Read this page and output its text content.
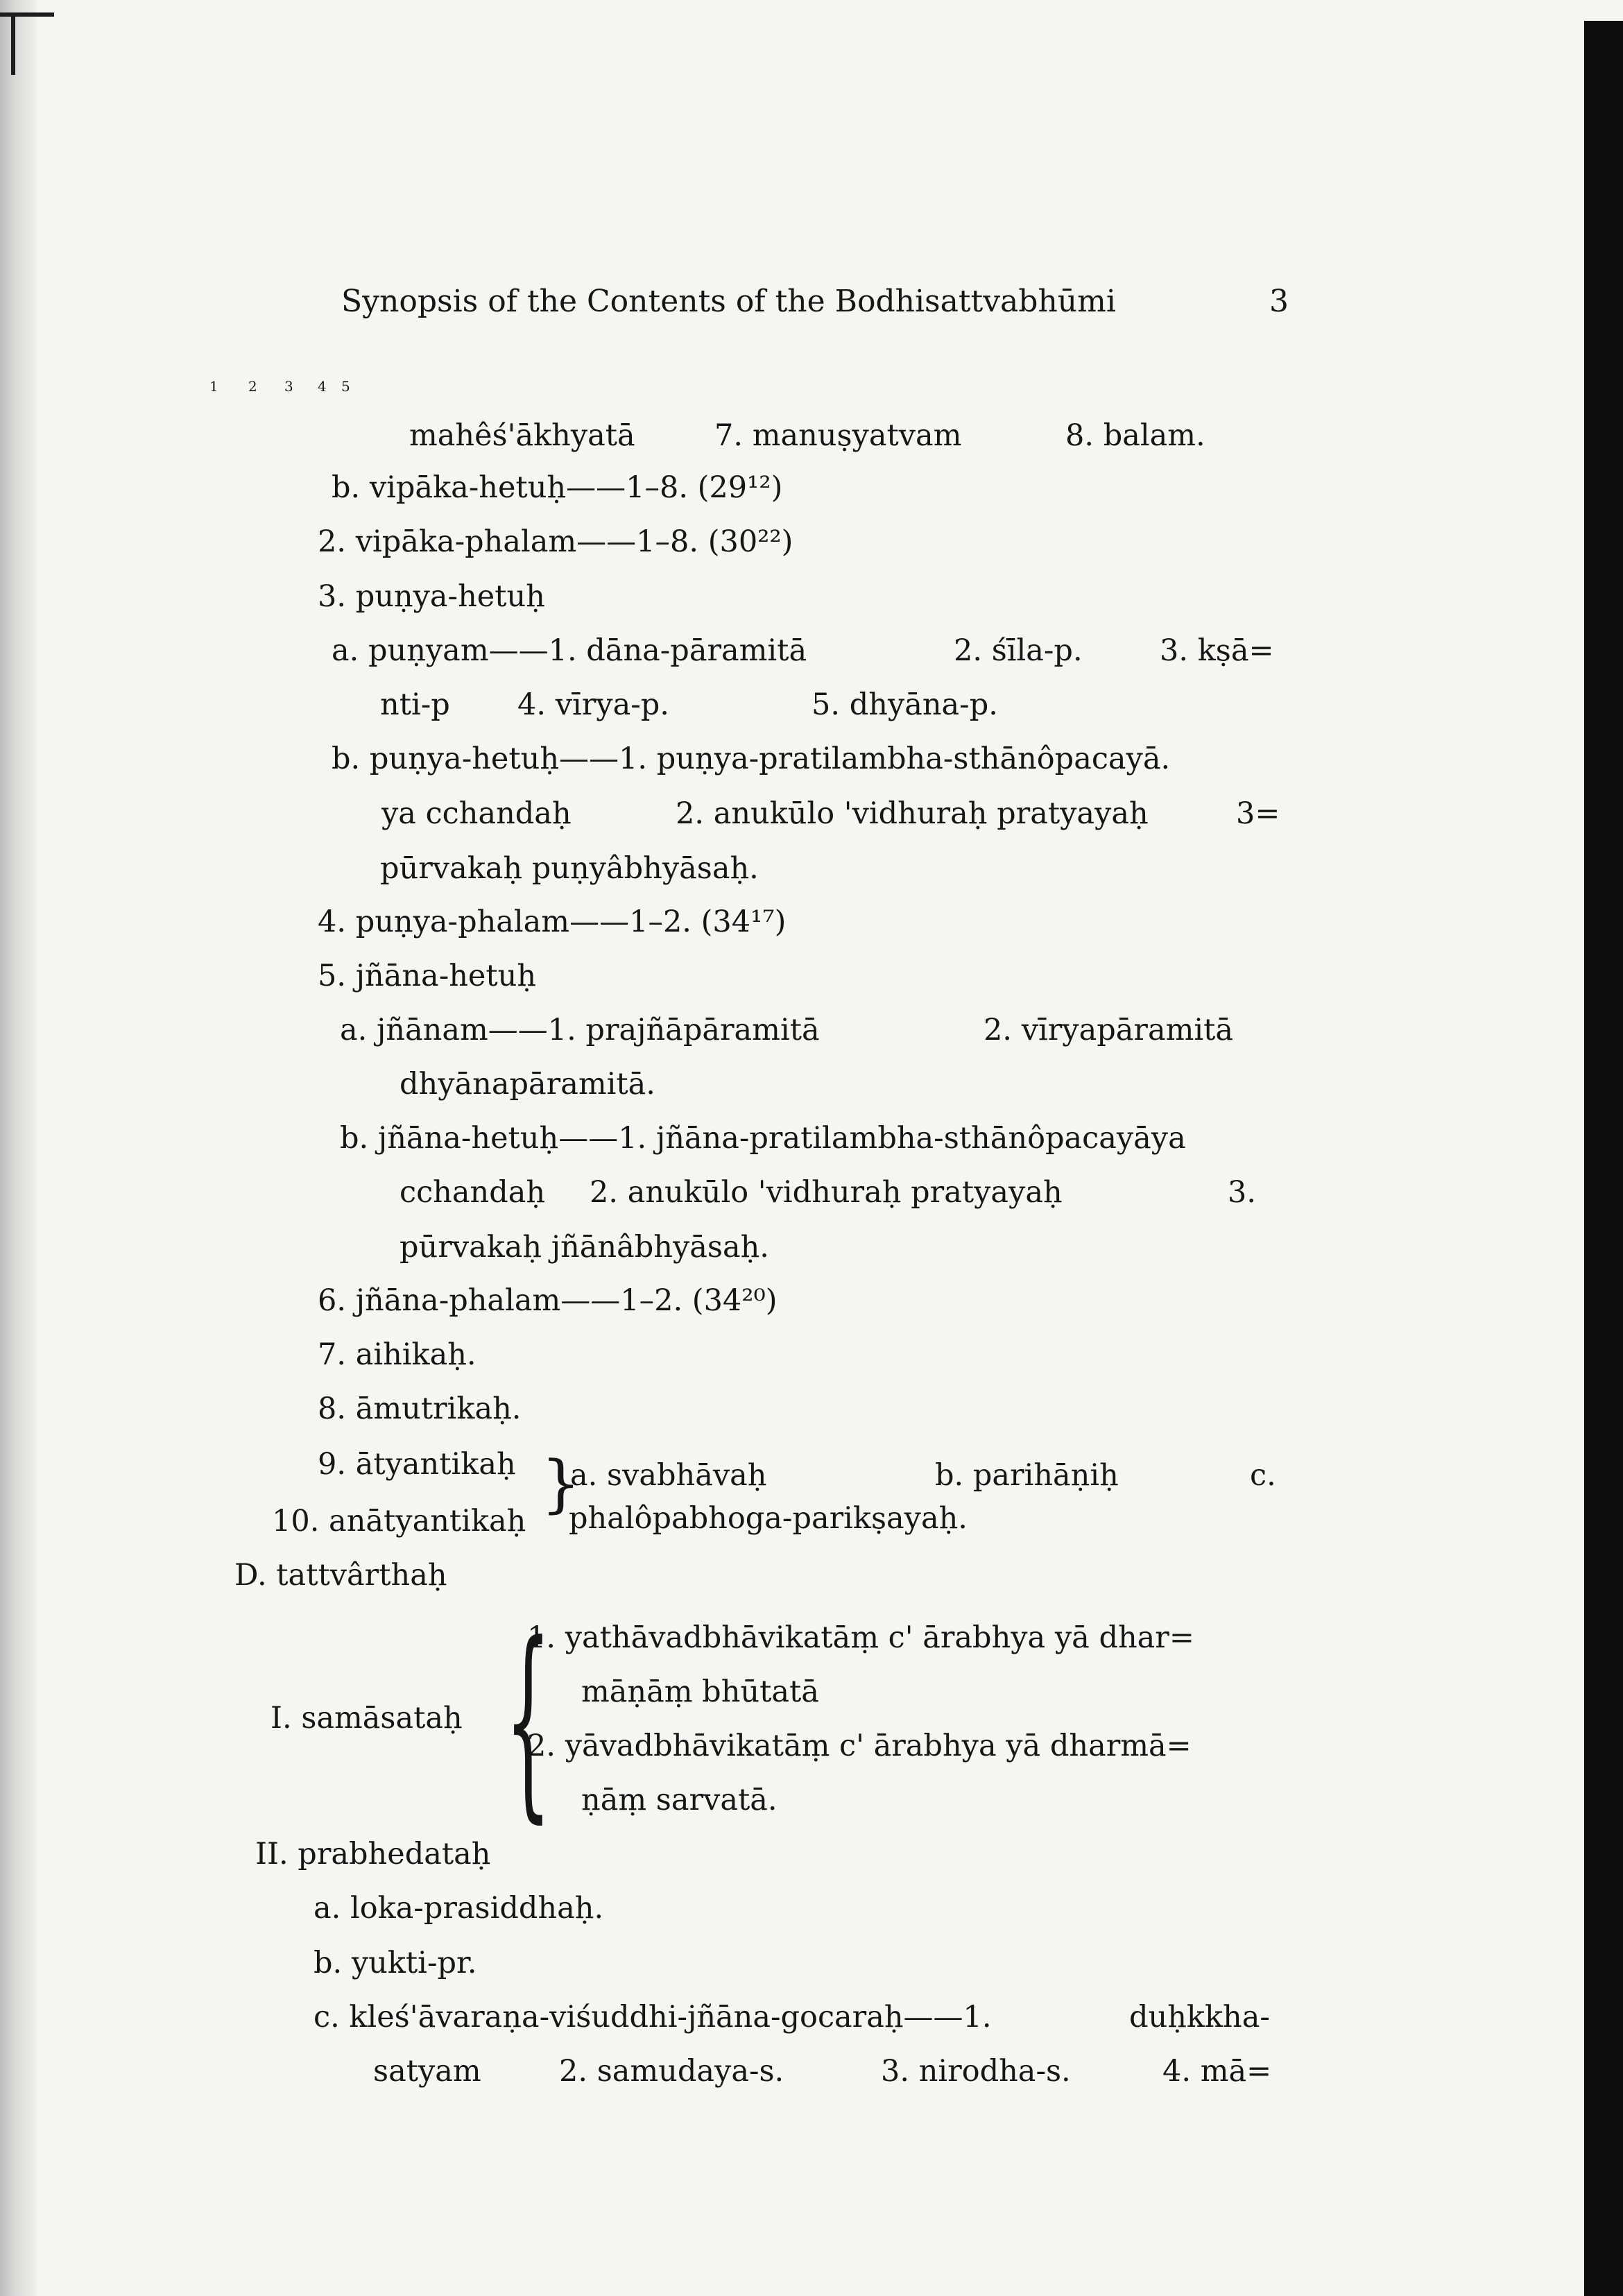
Synopsis of the Contents of the Bodhisattvabhūmi	3
1 2 3 4 5
mahêś'ākhyatā	7. manuṣyatvam	8. balam.
b. vipāka-hetuḥ——1–8. (29¹²)
2. vipāka-phalam——1–8. (30²²)
3. puṇya-hetuḥ
a. puṇyam——1. dāna-pāramitā	2. śīla-p.	3. kṣā=
nti-p 4. vīrya-p.	5. dhyāna-p.
b. puṇya-hetuḥ——1. puṇya-pratilambha-sthānôpacayā.
ya cchandaḥ	2. anukūlo 'vidhuraḥ pratyayaḥ	3=
pūrvakaḥ puṇyâbhyāsaḥ.
4. puṇya-phalam——1–2. (34¹⁷)
5. jñāna-hetuḥ
a. jñānam——1. prajñāpāramitā	2. vīryapāramitā
dhyānapāramitā.
b. jñāna-hetuḥ——1. jñāna-pratilambha-sthānôpacayāya
cchandaḥ 2. anukūlo 'vidhuraḥ pratyayaḥ	3.
pūrvakaḥ jñānâbhyāsaḥ.
6. jñāna-phalam——1–2. (34²⁰)
7. aihikaḥ.
8. āmutrikaḥ.
9. ātyantikaḥ }
a. svabhāvaḥ	b. parihāṇiḥ	c.
10. anātyantikaḥ phalôpabhoga-parikṣayaḥ.
D. tattvârthaḥ
{
1. yathāvadbhāvikatāṃ c' ārabhya yā dhar=
māṇāṃ bhūtatā
I. samāsataḥ
2. yāvadbhāvikatāṃ c' ārabhya yā dharmā=
ṇāṃ sarvatā.
II. prabhedataḥ
a. loka-prasiddhaḥ.
b. yukti-pr.
c. kleś'āvaraṇa-viśuddhi-jñāna-gocaraḥ——1.	duḥkkha-
satyam	2. samudaya-s.	3. nirodha-s.	4. mā=
